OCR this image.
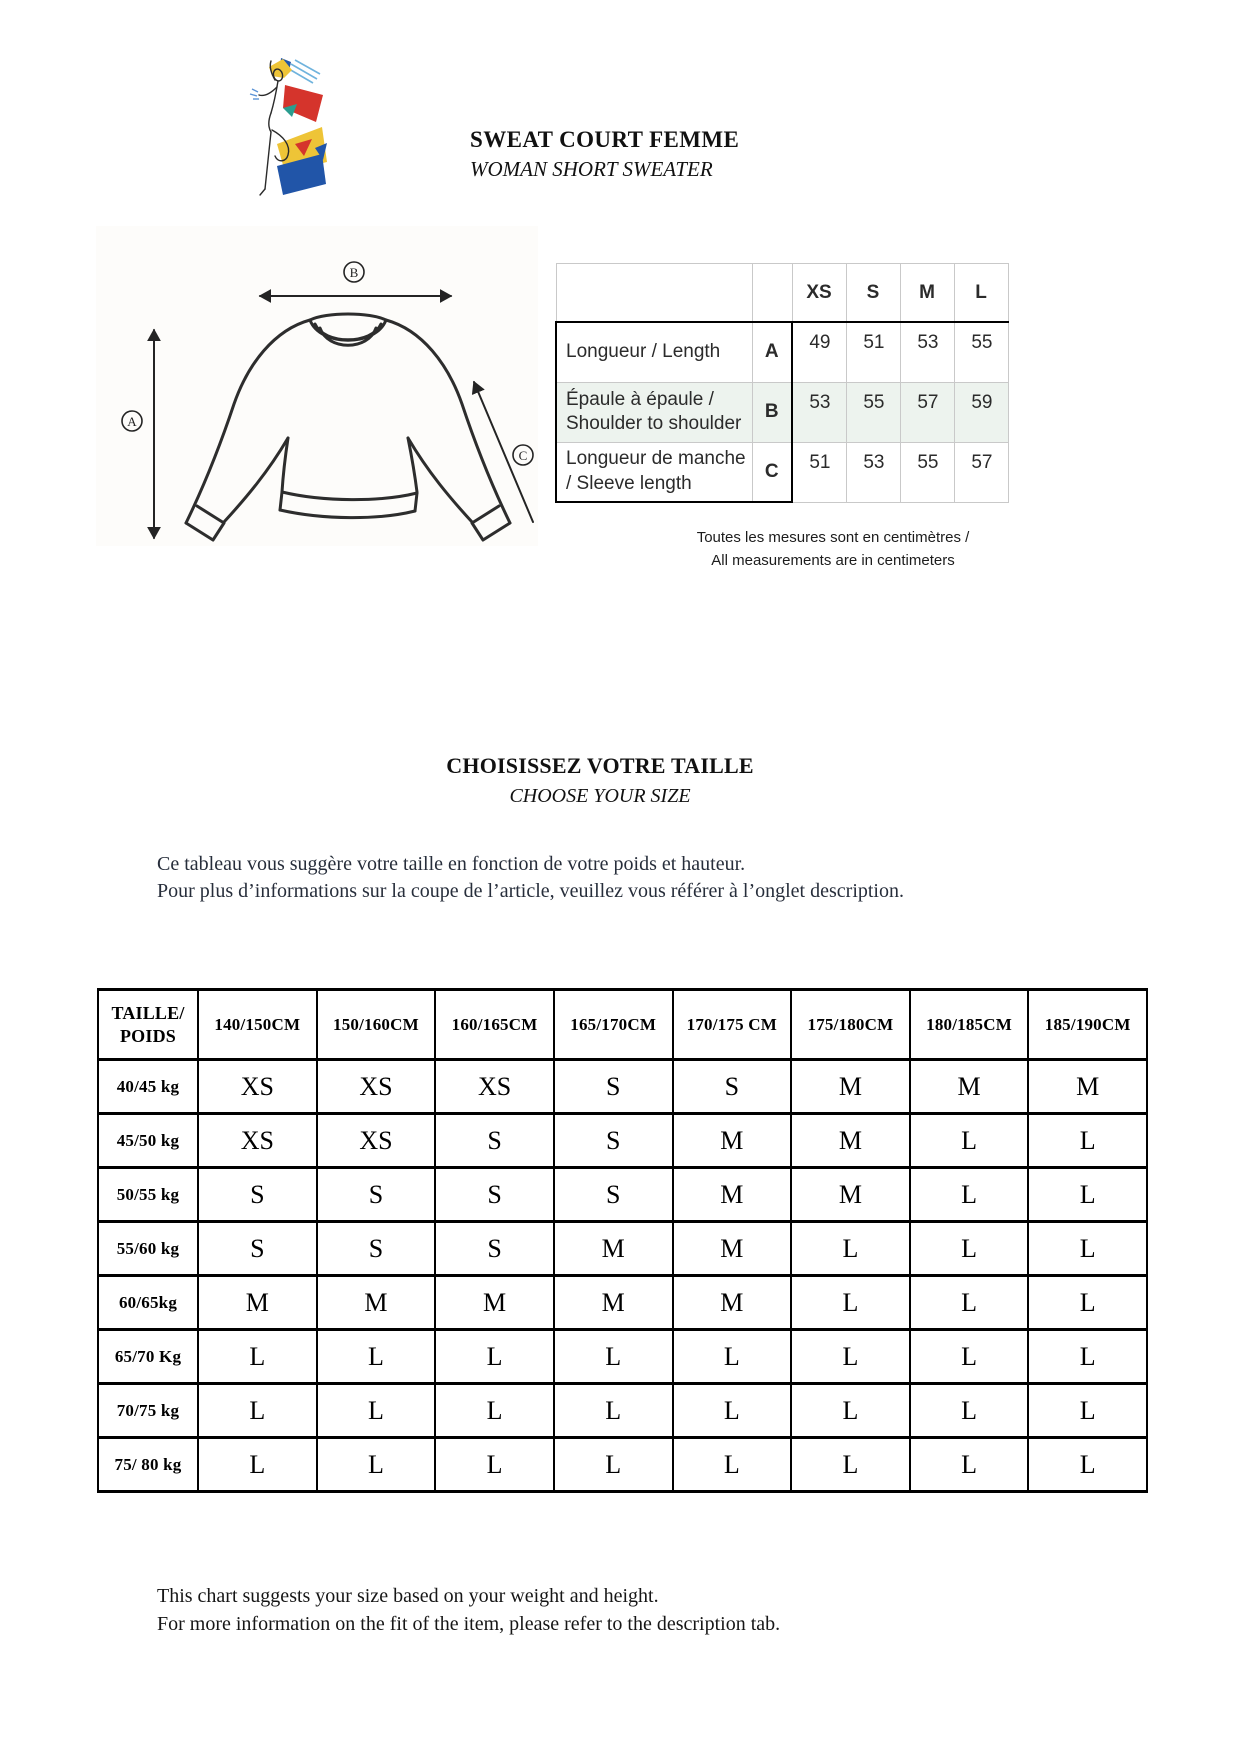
SWEAT COURT FEMME
WOMAN SHORT SWEATER
B
A
C
		XS	S	M	L

Longueur / Length	A	49	51	53	55

Épaule à épaule /
Shoulder to shoulder	B	53	55	57	59

Longueur de manche
/ Sleeve length	C	51	53	55	57
Toutes les mesures sont en centimètres /
All measurements are in centimeters
CHOISISSEZ VOTRE TAILLE
CHOOSE YOUR SIZE
Ce tableau vous suggère votre taille en fonction de votre poids et hauteur.
Pour plus d’informations sur la coupe de l’article, veuillez vous référer à l’onglet description.
TAILLE/
POIDS	140/150CM	150/160CM	160/165CM	165/170CM	170/175 CM	175/180CM	180/185CM	185/190CM
40/45 kg	XS	XS	XS	S	S	M	M	M
45/50 kg	XS	XS	S	S	M	M	L	L
50/55 kg	S	S	S	S	M	M	L	L
55/60 kg	S	S	S	M	M	L	L	L
60/65kg	M	M	M	M	M	L	L	L
65/70 Kg	L	L	L	L	L	L	L	L
70/75 kg	L	L	L	L	L	L	L	L
75/ 80 kg	L	L	L	L	L	L	L	L
This chart suggests your size based on your weight and height.
For more information on the fit of the item, please refer to the description tab.
